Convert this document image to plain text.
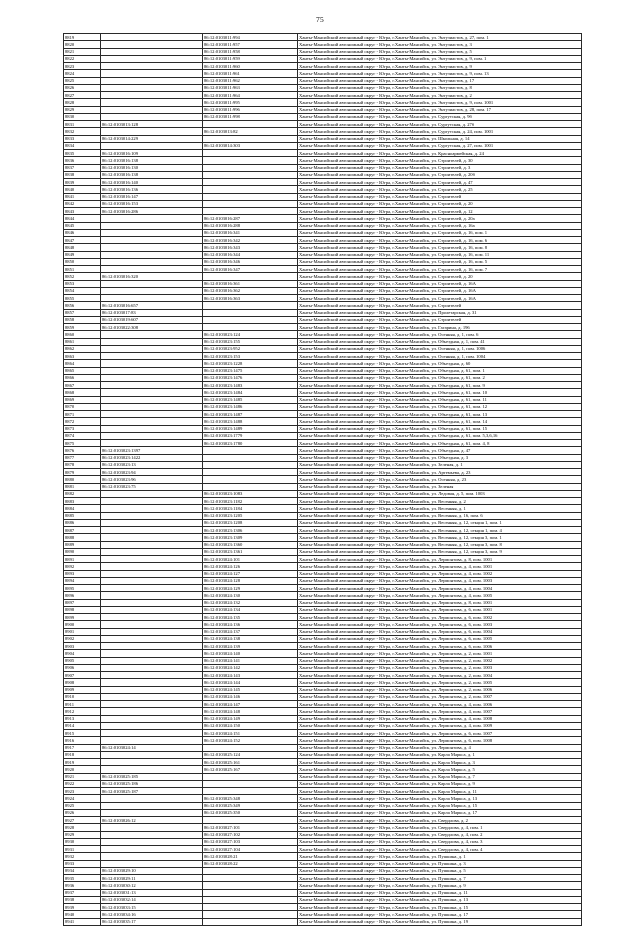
75
8819		86:12:0103011:994	Ханты-Мансийский автономный округ - Югра, г.Ханты-Мансийск, ул. Энтузиастов, д. 27, пом. 1
8820		86:12:0103011:957	Ханты-Мансийский автономный округ - Югра, г.Ханты-Мансийск, ул. Энтузиастов, д. 3
8821		86:12:0103011:958	Ханты-Мансийский автономный округ - Югра, г.Ханты-Мансийск, ул. Энтузиастов, д. 5
8822		86:12:0103011:959	Ханты-Мансийский автономный округ - Югра, г.Ханты-Мансийск, ул. Энтузиастов, д. 9, пом. 1
8823		86:12:0103011:960	Ханты-Мансийский автономный округ - Югра, г.Ханты-Мансийск, ул. Энтузиастов, д. 9
8824		86:12:0103011:961	Ханты-Мансийский автономный округ - Югра, г.Ханты-Мансийск, ул. Энтузиастов, д. 9, пом. 13
8825		86:12:0103011:962	Ханты-Мансийский автономный округ - Югра, г.Ханты-Мансийск, ул. Энтузиастов, д. 17
8826		86:12:0103011:963	Ханты-Мансийский автономный округ - Югра, г.Ханты-Мансийск, ул. Энтузиастов, д. 8
8827		86:12:0103011:964	Ханты-Мансийский автономный округ - Югра, г.Ханты-Мансийск, ул. Энтузиастов, д. 2
8828		86:12:0103011:995	Ханты-Мансийский автономный округ - Югра, г.Ханты-Мансийск, ул. Энтузиастов, д. 9, пом. 1001
8829		86:12:0103011:996	Ханты-Мансийский автономный округ - Югра, г.Ханты-Мансийск, ул. Энтузиастов, д. 28, пом. 17
8830		86:12:0103011:998	Ханты-Мансийский автономный округ - Югра, г.Ханты-Мансийск, ул. Сургутская, д. 9б
8831	86:12:0103013:128		Ханты-Мансийский автономный округ - Югра, г.Ханты-Мансийск, ул. Сургутская, д. 27б
8832		86:12:0103013:82	Ханты-Мансийский автономный округ - Югра, г.Ханты-Мансийск, ул. Сургутская, д. 24, пом. 1001
8833	86:12:0103014:229		Ханты-Мансийский автономный округ - Югра, г.Ханты-Мансийск, ул. Школьная, д. 14
8834		86:12:0103014:303	Ханты-Мансийский автономный округ - Югра, г.Ханты-Мансийск, ул. Сургутская, д. 27, пом. 1001
8835	86:12:0103016:109		Ханты-Мансийский автономный округ - Югра, г.Ханты-Мансийск, ул. Красноармейская, д. 24
8836	86:12:0103016:138		Ханты-Мансийский автономный округ - Югра, г.Ханты-Мансийск, ул. Строителей, д. 30
8837	86:12:0103016:130		Ханты-Мансийский автономный округ - Югра, г.Ханты-Мансийск, ул. Строителей, д. 3
8838	86:12:0103016:138		Ханты-Мансийский автономный округ - Югра, г.Ханты-Мансийск, ул. Строителей, д. 20б
8839	86:12:0103016:140		Ханты-Мансийский автономный округ - Югра, г.Ханты-Мансийск, ул. Строителей, д. 47
8840	86:12:0103016:136		Ханты-Мансийский автономный округ - Югра, г.Ханты-Мансийск, ул. Строителей, д. 25
8841	86:12:0103016:147		Ханты-Мансийский автономный округ - Югра, г.Ханты-Мансийск, ул. Строителей
8842	86:12:0103016:153		Ханты-Мансийский автономный округ - Югра, г.Ханты-Мансийск, ул. Строителей, д. 20
8843	86:12:0103016:286		Ханты-Мансийский автономный округ - Югра, г.Ханты-Мансийск, ул. Строителей, д. 12
8844		86:12:0103016:287	Ханты-Мансийский автономный округ - Югра, г.Ханты-Мансийск, ул. Строителей, д. 20а
8845		86:12:0103016:288	Ханты-Мансийский автономный округ - Югра, г.Ханты-Мансийск, ул. Строителей, д. 16а
8846		86:12:0103016:341	Ханты-Мансийский автономный округ - Югра, г.Ханты-Мансийск, ул. Строителей, д. 16, пом. 1
8847		86:12:0103016:342	Ханты-Мансийский автономный округ - Югра, г.Ханты-Мансийск, ул. Строителей, д. 16, пом. 6
8848		86:12:0103016:343	Ханты-Мансийский автономный округ - Югра, г.Ханты-Мансийск, ул. Строителей, д. 16, пом. 8
8849		86:12:0103016:344	Ханты-Мансийский автономный округ - Югра, г.Ханты-Мансийск, ул. Строителей, д. 16, пом. 11
8850		86:12:0103016:346	Ханты-Мансийский автономный округ - Югра, г.Ханты-Мансийск, ул. Строителей, д. 16, пом. 5
8851		86:12:0103016:347	Ханты-Мансийский автономный округ - Югра, г.Ханты-Мансийск, ул. Строителей, д. 16, пом. 7
8852	86:12:0103016:320		Ханты-Мансийский автономный округ - Югра, г.Ханты-Мансийск, ул. Строителей, д. 20
8853		86:12:0103016:361	Ханты-Мансийский автономный округ - Югра, г.Ханты-Мансийск, ул. Строителей, д. 16А
8854		86:12:0103016:362	Ханты-Мансийский автономный округ - Югра, г.Ханты-Мансийск, ул. Строителей, д. 16А
8855		86:12:0103016:363	Ханты-Мансийский автономный округ - Югра, г.Ханты-Мансийск, ул. Строителей, д. 16А
8856	86:12:0103016:657		Ханты-Мансийский автономный округ - Югра, г.Ханты-Мансийск, ул. Строителей
8857	86:12:0103017:83		Ханты-Мансийский автономный округ - Югра, г.Ханты-Мансийск, ул. Пролетарская, д. 31
8858	86:12:0103019:607		Ханты-Мансийский автономный округ - Югра, г.Ханты-Мансийск, ул. Строителей
8859	86:12:0103022:308		Ханты-Мансийский автономный округ - Югра, г.Ханты-Мансийск, ул. Гагарина, д. 196
8860		86:12:0103023:124	Ханты-Мансийский автономный округ - Югра, г.Ханты-Мансийск, ул. Осенняя, д. 1, пом. 6
8861		86:12:0103023:155	Ханты-Мансийский автономный округ - Югра, г.Ханты-Мансийск, ул. Объездная, д. 1, пом. 41
8862		86:12:0103023:952	Ханты-Мансийский автономный округ - Югра, г.Ханты-Мансийск, ул. Осенняя, д. 1, пом. 1006
8863		86:12:0103023:153	Ханты-Мансийский автономный округ - Югра, г.Ханты-Мансийск, ул. Осенняя, д. 1, пом. 1004
8864		86:12:0103023:1228	Ханты-Мансийский автономный округ - Югра, г.Ханты-Мансийск, ул. Объездная, д. 60
8865		86:12:0103023:1475	Ханты-Мансийский автономный округ - Югра, г.Ханты-Мансийск, ул. Объездная, д. 61, пом. 1
8866		86:12:0103023:1476	Ханты-Мансийский автономный округ - Югра, г.Ханты-Мансийск, ул. Объездная, д. 61, пом. 2
8867		86:12:0103023:1483	Ханты-Мансийский автономный округ - Югра, г.Ханты-Мансийск, ул. Объездная, д. 61, пом. 9
8868		86:12:0103023:1484	Ханты-Мансийский автономный округ - Югра, г.Ханты-Мансийск, ул. Объездная, д. 61, пом. 10
8869		86:12:0103023:1485	Ханты-Мансийский автономный округ - Югра, г.Ханты-Мансийск, ул. Объездная, д. 61, пом. 11
8870		86:12:0103023:1486	Ханты-Мансийский автономный округ - Югра, г.Ханты-Мансийск, ул. Объездная, д. 61, пом. 12
8871		86:12:0103023:1487	Ханты-Мансийский автономный округ - Югра, г.Ханты-Мансийск, ул. Объездная, д. 61, пом. 13
8872		86:12:0103023:1488	Ханты-Мансийский автономный округ - Югра, г.Ханты-Мансийск, ул. Объездная, д. 61, пом. 14
8873		86:12:0103023:1489	Ханты-Мансийский автономный округ - Югра, г.Ханты-Мансийск, ул. Объездная, д. 61, пом. 15
8874		86:12:0103023:1779	Ханты-Мансийский автономный округ - Югра, г.Ханты-Мансийск, ул. Объездная, д. 61, пом. 5,3,6,16
8875		86:12:0103023:1780	Ханты-Мансийский автономный округ - Югра, г.Ханты-Мансийск, ул. Объездная, д. 61, пом. 4, 8
8876	86:12:0103023:1397		Ханты-Мансийский автономный округ - Югра, г.Ханты-Мансийск, ул. Объездная, д. 47
8877	86:12:0103023:1422		Ханты-Мансийский автономный округ - Югра, г.Ханты-Мансийск, ул. Объездная, д. 3
8878	86:12:0103023:13		Ханты-Мансийский автономный округ - Югра, г.Ханты-Мансийск, ул. Зеленая, д. 1
8879	86:12:0103023:94		Ханты-Мансийский автономный округ - Югра, г.Ханты-Мансийск, ул. Артемьева, д. 23
8880	86:12:0103023:96		Ханты-Мансийский автономный округ - Югра, г.Ханты-Мансийск, ул. Осенняя, д. 23
8881	86:12:0103023:75		Ханты-Мансийский автономный округ - Югра, г.Ханты-Мансийск, ул. Зеленая
8882		86:12:0103023:1083	Ханты-Мансийский автономный округ - Югра, г.Ханты-Мансийск, ул. Ледовая, д. 5, пом. 1003
8883		86:12:0103023:1182	Ханты-Мансийский автономный округ - Югра, г.Ханты-Мансийск, ул. Весенняя, д. 2
8884		86:12:0103023:1184	Ханты-Мансийский автономный округ - Югра, г.Ханты-Мансийск, ул. Весенняя, д. 1
8885		86:12:0103023:1205	Ханты-Мансийский автономный округ - Югра, г.Ханты-Мансийск, ул. Весенняя, д. 16, пом. 6
8886		86:12:0103023:1208	Ханты-Мансийский автономный округ - Югра, г.Ханты-Мансийск, ул. Весенняя, д. 12, секция 1, пом. 1
8887		86:12:0103023:1306	Ханты-Мансийский автономный округ - Югра, г.Ханты-Мансийск, ул. Весенняя, д. 12, секция 1, пом. 4
8888		86:12:0103023:1309	Ханты-Мансийский автономный округ - Югра, г.Ханты-Мансийск, ул. Весенняя, д. 12, секция 3, пом. 1
8889		86:12:0103023:1360	Ханты-Мансийский автономный округ - Югра, г.Ханты-Мансийск, ул. Весенняя, д. 12, секция 3, пом. 8
8890		86:12:0103023:1361	Ханты-Мансийский автономный округ - Югра, г.Ханты-Мансийск, ул. Весенняя, д. 12, секция 3, пом. 9
8891		86:12:0103024:101	Ханты-Мансийский автономный округ - Югра, г.Ханты-Мансийск, ул. Лермонтова, д. 8, пом. 1001
8892		86:12:0103024:126	Ханты-Мансийский автономный округ - Югра, г.Ханты-Мансийск, ул. Лермонтова, д. 4, пом. 1001
8893		86:12:0103024:127	Ханты-Мансийский автономный округ - Югра, г.Ханты-Мансийск, ул. Лермонтова, д. 4, пом. 1002
8894		86:12:0103024:128	Ханты-Мансийский автономный округ - Югра, г.Ханты-Мансийск, ул. Лермонтова, д. 4, пом. 1003
8895		86:12:0103024:129	Ханты-Мансийский автономный округ - Югра, г.Ханты-Мансийск, ул. Лермонтова, д. 4, пом. 1004
8896		86:12:0103024:130	Ханты-Мансийский автономный округ - Югра, г.Ханты-Мансийск, ул. Лермонтова, д. 4, пом. 1005
8897		86:12:0103024:132	Ханты-Мансийский автономный округ - Югра, г.Ханты-Мансийск, ул. Лермонтова, д. 8, пом. 1001
8898		86:12:0103024:134	Ханты-Мансийский автономный округ - Югра, г.Ханты-Мансийск, ул. Лермонтова, д. 6, пом. 1001
8899		86:12:0103024:135	Ханты-Мансийский автономный округ - Югра, г.Ханты-Мансийск, ул. Лермонтова, д. 6, пом. 1002
8900		86:12:0103024:136	Ханты-Мансийский автономный округ - Югра, г.Ханты-Мансийск, ул. Лермонтова, д. 6, пом. 1003
8901		86:12:0103024:137	Ханты-Мансийский автономный округ - Югра, г.Ханты-Мансийск, ул. Лермонтова, д. 6, пом. 1004
8902		86:12:0103024:138	Ханты-Мансийский автономный округ - Югра, г.Ханты-Мансийск, ул. Лермонтова, д. 6, пом. 1005
8903		86:12:0103024:139	Ханты-Мансийский автономный округ - Югра, г.Ханты-Мансийск, ул. Лермонтова, д. 6, пом. 1006
8904		86:12:0103024:140	Ханты-Мансийский автономный округ - Югра, г.Ханты-Мансийск, ул. Лермонтова, д. 2, пом. 1001
8905		86:12:0103024:141	Ханты-Мансийский автономный округ - Югра, г.Ханты-Мансийск, ул. Лермонтова, д. 2, пом. 1002
8906		86:12:0103024:142	Ханты-Мансийский автономный округ - Югра, г.Ханты-Мансийск, ул. Лермонтова, д. 2, пом. 1003
8907		86:12:0103024:143	Ханты-Мансийский автономный округ - Югра, г.Ханты-Мансийск, ул. Лермонтова, д. 2, пом. 1004
8908		86:12:0103024:144	Ханты-Мансийский автономный округ - Югра, г.Ханты-Мансийск, ул. Лермонтова, д. 2, пом. 1005
8909		86:12:0103024:145	Ханты-Мансийский автономный округ - Югра, г.Ханты-Мансийск, ул. Лермонтова, д. 2, пом. 1006
8910		86:12:0103024:146	Ханты-Мансийский автономный округ - Югра, г.Ханты-Мансийск, ул. Лермонтова, д. 2, пом. 1007
8911		86:12:0103024:147	Ханты-Мансийский автономный округ - Югра, г.Ханты-Мансийск, ул. Лермонтова, д. 4, пом. 1006
8912		86:12:0103024:148	Ханты-Мансийский автономный округ - Югра, г.Ханты-Мансийск, ул. Лермонтова, д. 4, пом. 1007
8913		86:12:0103024:149	Ханты-Мансийский автономный округ - Югра, г.Ханты-Мансийск, ул. Лермонтова, д. 4, пом. 1008
8914		86:12:0103024:150	Ханты-Мансийский автономный округ - Югра, г.Ханты-Мансийск, ул. Лермонтова, д. 4, пом. 1009
8915		86:12:0103024:151	Ханты-Мансийский автономный округ - Югра, г.Ханты-Мансийск, ул. Лермонтова, д. 6, пом. 1007
8916		86:12:0103024:152	Ханты-Мансийский автономный округ - Югра, г.Ханты-Мансийск, ул. Лермонтова, д. 6, пом. 1008
8917	86:12:0103024:14		Ханты-Мансийский автономный округ - Югра, г.Ханты-Мансийск, ул. Лермонтова, д. 4
8918		86:12:0103025:124	Ханты-Мансийский автономный округ - Югра, г.Ханты-Мансийск, ул. Карла Маркса, д. 1
8919		86:12:0103025:161	Ханты-Мансийский автономный округ - Югра, г.Ханты-Мансийск, ул. Карла Маркса, д. 3
8920		86:12:0103025:167	Ханты-Мансийский автономный округ - Югра, г.Ханты-Мансийск, ул. Карла Маркса, д. 5
8921	86:12:0103025:185		Ханты-Мансийский автономный округ - Югра, г.Ханты-Мансийск, ул. Карла Маркса, д. 7
8922	86:12:0103025:186		Ханты-Мансийский автономный округ - Югра, г.Ханты-Мансийск, ул. Карла Маркса, д. 9
8923	86:12:0103025:187		Ханты-Мансийский автономный округ - Югра, г.Ханты-Мансийск, ул. Карла Маркса, д. 11
8924		86:12:0103025:348	Ханты-Мансийский автономный округ - Югра, г.Ханты-Мансийск, ул. Карла Маркса, д. 13
8925		86:12:0103025:349	Ханты-Мансийский автономный округ - Югра, г.Ханты-Мансийск, ул. Карла Маркса, д. 15
8926		86:12:0103025:350	Ханты-Мансийский автономный округ - Югра, г.Ханты-Мансийск, ул. Карла Маркса, д. 17
8927	86:12:0103026:12		Ханты-Мансийский автономный округ - Югра, г.Ханты-Мансийск, ул. Свердлова, д. 2
8928		86:12:0103027:101	Ханты-Мансийский автономный округ - Югра, г.Ханты-Мансийск, ул. Свердлова, д. 4, пом. 1
8929		86:12:0103027:102	Ханты-Мансийский автономный округ - Югра, г.Ханты-Мансийск, ул. Свердлова, д. 4, пом. 2
8930		86:12:0103027:103	Ханты-Мансийский автономный округ - Югра, г.Ханты-Мансийск, ул. Свердлова, д. 4, пом. 3
8931		86:12:0103027:104	Ханты-Мансийский автономный округ - Югра, г.Ханты-Мансийск, ул. Свердлова, д. 4, пом. 4
8932		86:12:0103028:21	Ханты-Мансийский автономный округ - Югра, г.Ханты-Мансийск, ул. Пушкина, д. 1
8933		86:12:0103028:22	Ханты-Мансийский автономный округ - Югра, г.Ханты-Мансийск, ул. Пушкина, д. 3
8934	86:12:0103029:10		Ханты-Мансийский автономный округ - Югра, г.Ханты-Мансийск, ул. Пушкина, д. 5
8935	86:12:0103029:11		Ханты-Мансийский автономный округ - Югра, г.Ханты-Мансийск, ул. Пушкина, д. 7
8936	86:12:0103030:12		Ханты-Мансийский автономный округ - Югра, г.Ханты-Мансийск, ул. Пушкина, д. 9
8937	86:12:0103031:13		Ханты-Мансийский автономный округ - Югра, г.Ханты-Мансийск, ул. Пушкина, д. 11
8938	86:12:0103032:14		Ханты-Мансийский автономный округ - Югра, г.Ханты-Мансийск, ул. Пушкина, д. 13
8939	86:12:0103033:15		Ханты-Мансийский автономный округ - Югра, г.Ханты-Мансийск, ул. Пушкина, д. 15
8940	86:12:0103034:16		Ханты-Мансийский автономный округ - Югра, г.Ханты-Мансийск, ул. Пушкина, д. 17
8941	86:12:0103035:17		Ханты-Мансийский автономный округ - Югра, г.Ханты-Мансийск, ул. Пушкина, д. 19
